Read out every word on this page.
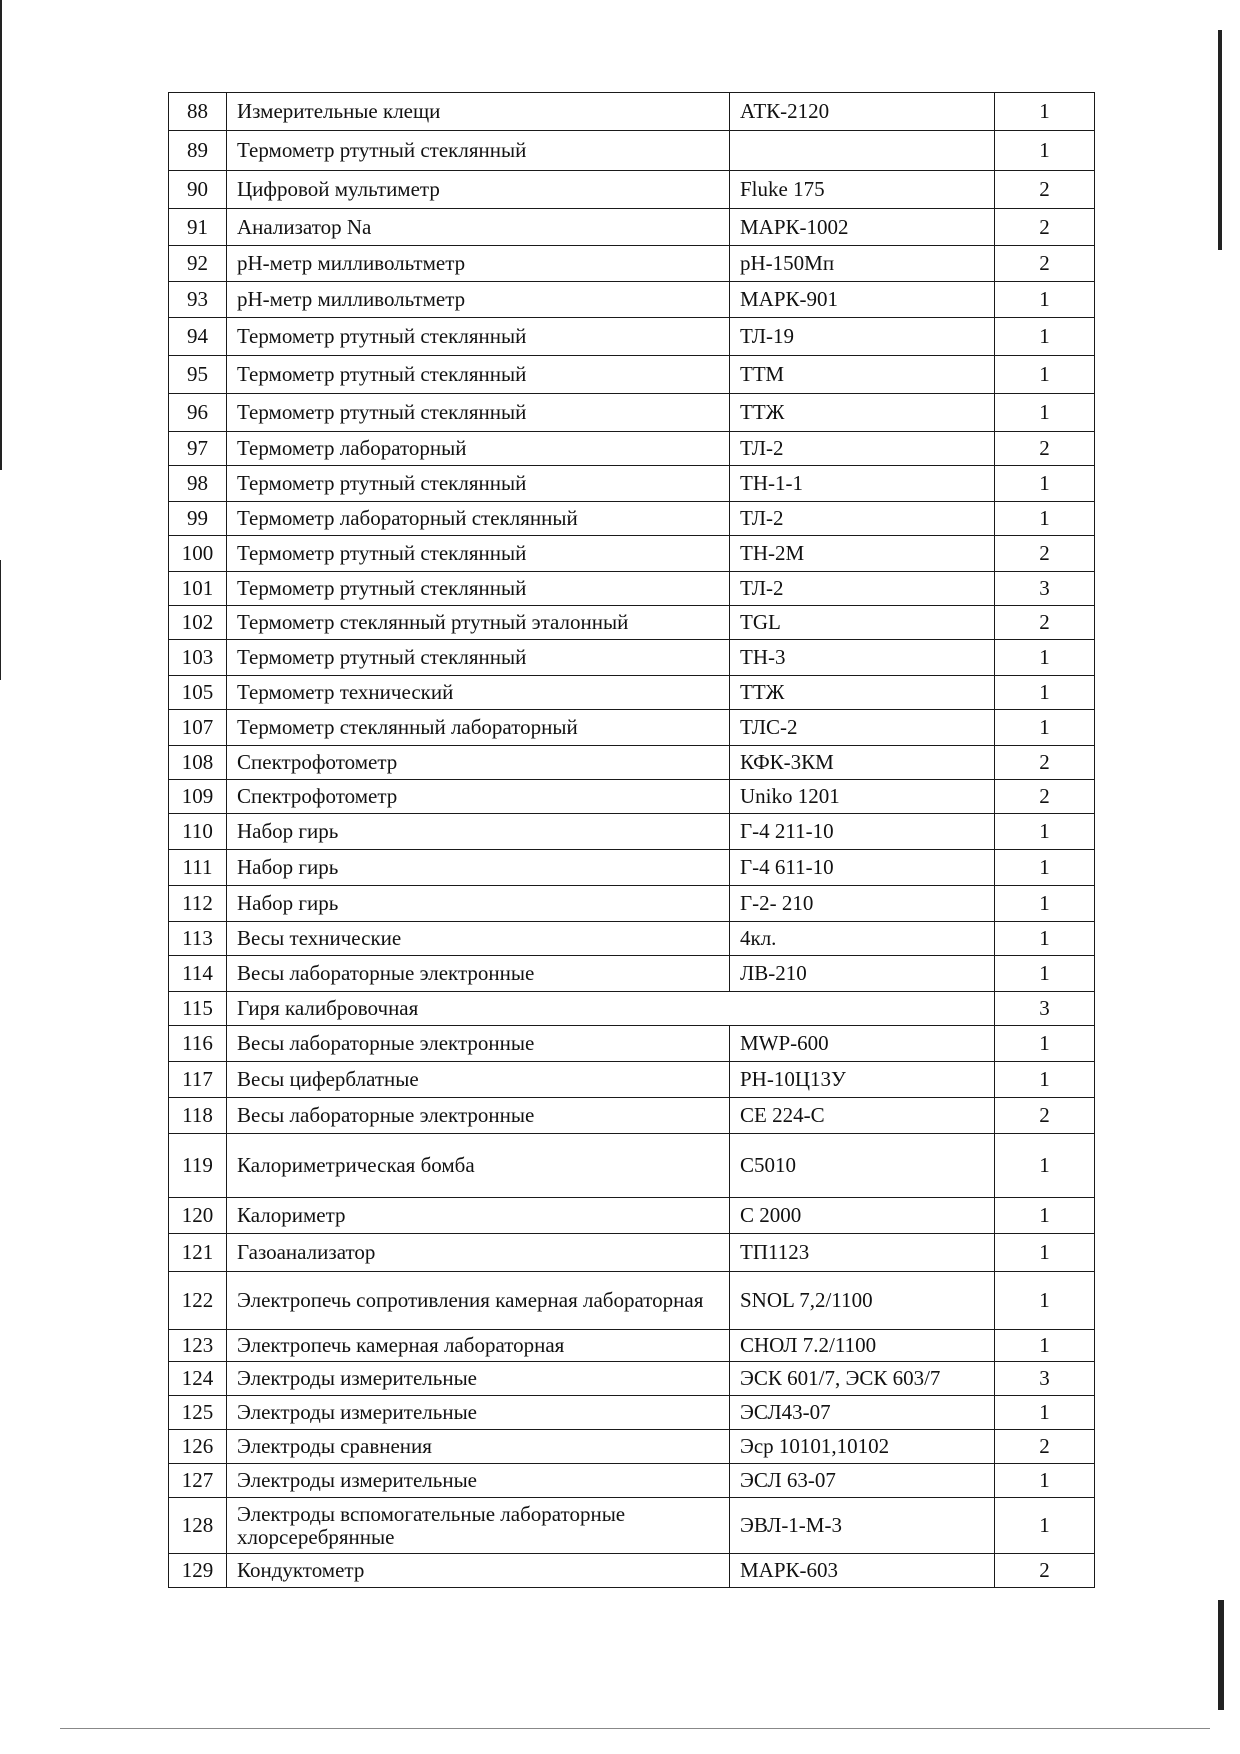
88	Измерительные клещи	АТК-2120	1
89	Термометр ртутный стеклянный		1
90	Цифровой мультиметр	Fluke 175	2
91	Анализатор Na	МАРК-1002	2
92	pH-метр милливольтметр	pH-150Мп	2
93	pH-метр милливольтметр	МАРК-901	1
94	Термометр ртутный стеклянный	ТЛ-19	1
95	Термометр ртутный стеклянный	ТТМ	1
96	Термометр ртутный стеклянный	ТТЖ	1
97	Термометр лабораторный	ТЛ-2	2
98	Термометр ртутный стеклянный	ТН-1-1	1
99	Термометр лабораторный стеклянный	ТЛ-2	1
100	Термометр ртутный стеклянный	ТН-2М	2
101	Термометр ртутный стеклянный	ТЛ-2	3
102	Термометр стеклянный ртутный эталонный	TGL	2
103	Термометр ртутный стеклянный	ТН-3	1
105	Термометр технический	ТТЖ	1
107	Термометр стеклянный лабораторный	ТЛС-2	1
108	Спектрофотометр	КФК-3КМ	2
109	Спектрофотометр	Uniko 1201	2
110	Набор гирь	Г-4 211-10	1
111	Набор гирь	Г-4 611-10	1
112	Набор гирь	Г-2- 210	1
113	Весы технические	4кл.	1
114	Весы лабораторные электронные	ЛВ-210	1
115	Гиря калибровочная		3
116	Весы лабораторные электронные	MWP-600	1
117	Весы циферблатные	РН-10Ц13У	1
118	Весы лабораторные электронные	СЕ 224-С	2
119	Калориметрическая бомба	С5010	1
120	Калориметр	С 2000	1
121	Газоанализатор	ТП1123	1
122	Электропечь сопротивления камерная лабораторная	SNOL 7,2/1100	1
123	Электропечь камерная лабораторная	СНОЛ 7.2/1100	1
124	Электроды измерительные	ЭСК 601/7, ЭСК 603/7	3
125	Электроды измерительные	ЭСЛ43-07	1
126	Электроды сравнения	Эср 10101,10102	2
127	Электроды измерительные	ЭСЛ 63-07	1
128	Электроды вспомогательные лабораторные хлорсеребрянные	ЭВЛ-1-М-3	1
129	Кондуктометр	МАРК-603	2
